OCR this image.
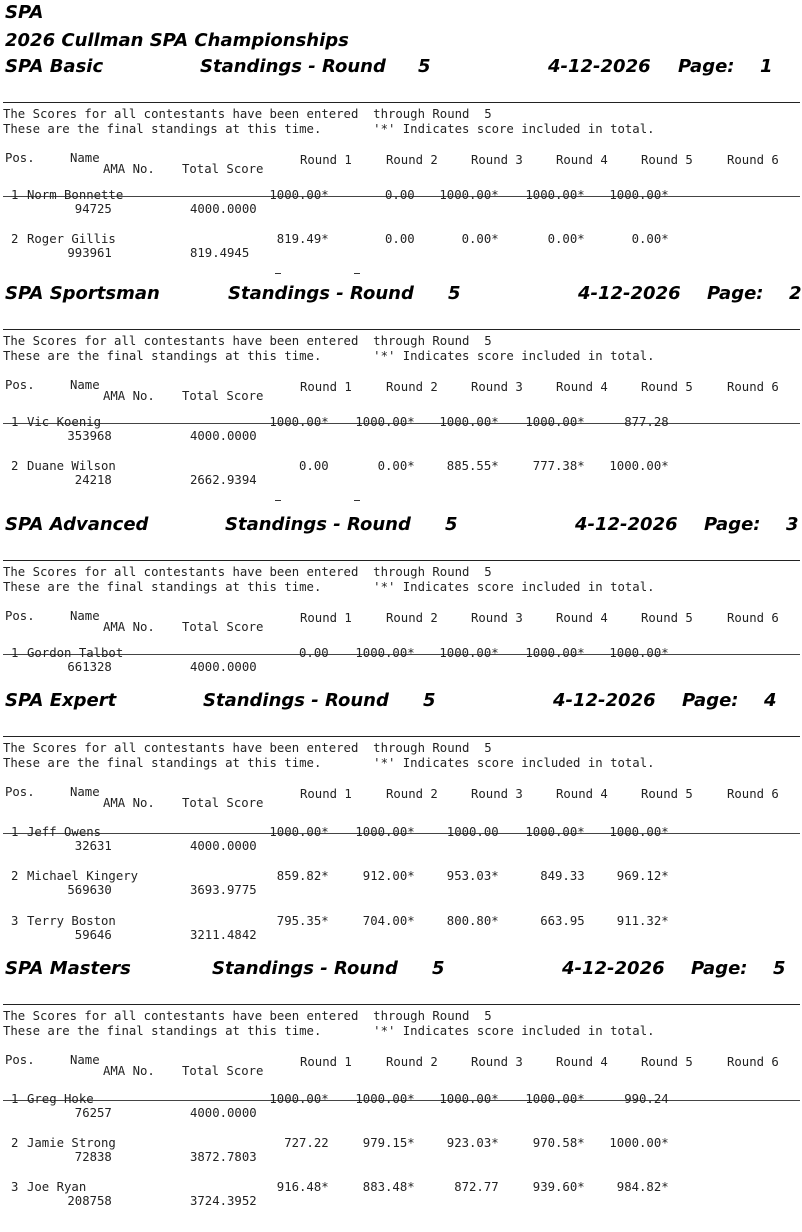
SPA
2026 Cullman SPA Championships
SPA Basic	Standings - Round 5	4-12-2026 Page: 1
The Scores for all contestants have been entered  through Round  5
These are the final standings at this time.       '*' Indicates score included in total.
Pos.	Name	Round 1	Round 2	Round 3	Round 4	Round 5	Round 6
AMA No. Total Score
1 Norm Bonnette	1000.00* 0.00 1000.00* 1000.00* 1000.00*
94725	4000.0000
2 Roger Gillis	819.49* 0.00 0.00* 0.00* 0.00*
993961	819.4945
SPA Sportsman	Standings - Round 5	4-12-2026 Page: 2
The Scores for all contestants have been entered  through Round  5
These are the final standings at this time.       '*' Indicates score included in total.
Pos.	Name	Round 1	Round 2	Round 3	Round 4	Round 5	Round 6
AMA No. Total Score
1 Vic Koenig	1000.00* 1000.00* 1000.00* 1000.00* 877.28
353968	4000.0000
2 Duane Wilson	0.00 0.00* 885.55* 777.38* 1000.00*
24218	2662.9394
SPA Advanced	Standings - Round 5	4-12-2026 Page: 3
The Scores for all contestants have been entered  through Round  5
These are the final standings at this time.       '*' Indicates score included in total.
Pos.	Name	Round 1	Round 2	Round 3	Round 4	Round 5	Round 6
AMA No. Total Score
1 Gordon Talbot	0.00 1000.00* 1000.00* 1000.00* 1000.00*
661328	4000.0000
SPA Expert	Standings - Round 5	4-12-2026 Page: 4
The Scores for all contestants have been entered  through Round  5
These are the final standings at this time.       '*' Indicates score included in total.
Pos.	Name	Round 1	Round 2	Round 3	Round 4	Round 5	Round 6
AMA No. Total Score
1 Jeff Owens	1000.00* 1000.00* 1000.00 1000.00* 1000.00*
32631	4000.0000
2 Michael Kingery	859.82* 912.00* 953.03* 849.33 969.12*
569630	3693.9775
3 Terry Boston	795.35* 704.00* 800.80* 663.95 911.32*
59646	3211.4842
SPA Masters	Standings - Round 5	4-12-2026 Page: 5
The Scores for all contestants have been entered  through Round  5
These are the final standings at this time.       '*' Indicates score included in total.
Pos.	Name	Round 1	Round 2	Round 3	Round 4	Round 5	Round 6
AMA No. Total Score
1 Greg Hoke	1000.00* 1000.00* 1000.00* 1000.00* 990.24
76257	4000.0000
2 Jamie Strong	727.22 979.15* 923.03* 970.58* 1000.00*
72838	3872.7803
3 Joe Ryan	916.48* 883.48* 872.77 939.60* 984.82*
208758	3724.3952
